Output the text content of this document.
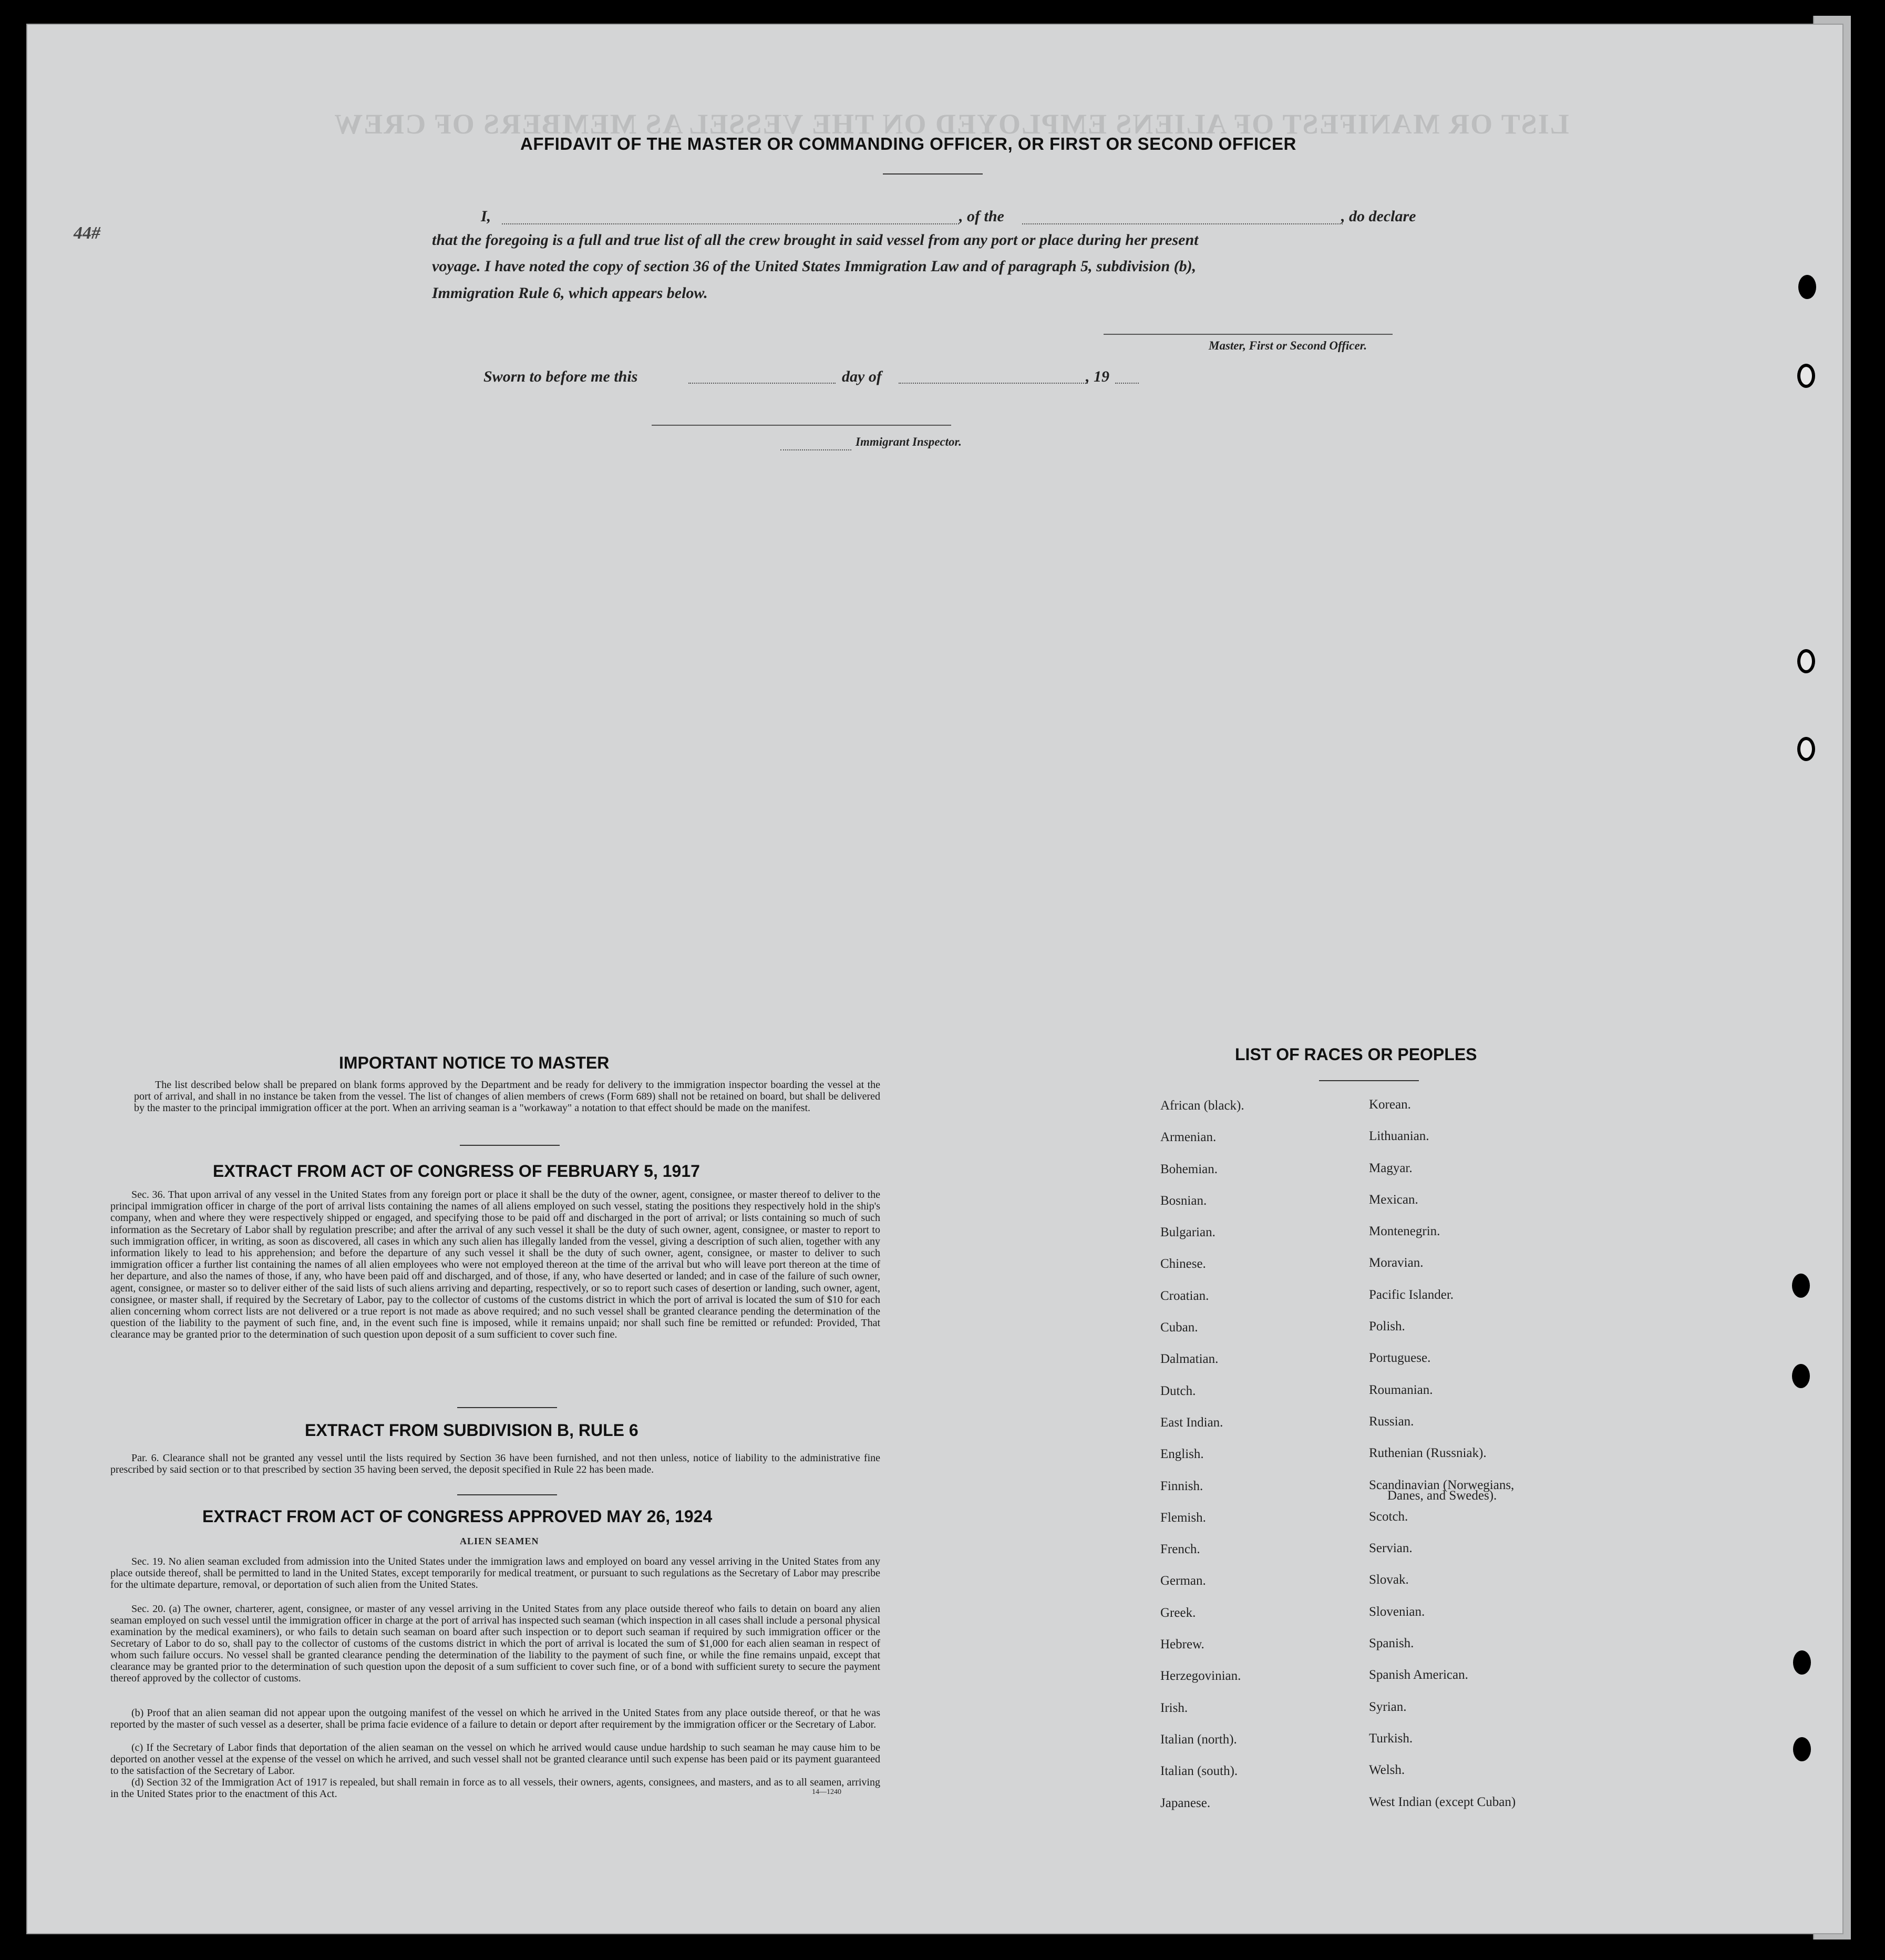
LIST OR MANIFEST OF ALIENS EMPLOYED ON THE VESSEL AS MEMBERS OF CREW
AFFIDAVIT OF THE MASTER OR COMMANDING OFFICER, OR FIRST OR SECOND OFFICER
44#
I,	, of the	, do declare
that the foregoing is a full and true list of all the crew brought in said vessel from any port or place during her present
voyage. I have noted the copy of section 36 of the United States Immigration Law and of paragraph 5, subdivision (b),
Immigration Rule 6, which appears below.
Master, First or Second Officer.
Sworn to before me this	day of	, 19
Immigrant Inspector.
IMPORTANT NOTICE TO MASTER
The list described below shall be prepared on blank forms approved by the Department and be ready for delivery to the immigration inspector boarding the vessel at the port of arrival, and shall in no instance be taken from the vessel. The list of changes of alien members of crews (Form 689) shall not be retained on board, but shall be delivered by the master to the principal immigration officer at the port. When an arriving seaman is a "workaway" a notation to that effect should be made on the manifest.
EXTRACT FROM ACT OF CONGRESS OF FEBRUARY 5, 1917
Sec. 36. That upon arrival of any vessel in the United States from any foreign port or place it shall be the duty of the owner, agent, consignee, or master thereof to deliver to the principal immigration officer in charge of the port of arrival lists containing the names of all aliens employed on such vessel, stating the positions they respectively hold in the ship's company, when and where they were respectively shipped or engaged, and specifying those to be paid off and discharged in the port of arrival; or lists containing so much of such information as the Secretary of Labor shall by regulation prescribe; and after the arrival of any such vessel it shall be the duty of such owner, agent, consignee, or master to report to such immigration officer, in writing, as soon as discovered, all cases in which any such alien has illegally landed from the vessel, giving a description of such alien, together with any information likely to lead to his apprehension; and before the departure of any such vessel it shall be the duty of such owner, agent, consignee, or master to deliver to such immigration officer a further list containing the names of all alien employees who were not employed thereon at the time of the arrival but who will leave port thereon at the time of her departure, and also the names of those, if any, who have been paid off and discharged, and of those, if any, who have deserted or landed; and in case of the failure of such owner, agent, consignee, or master so to deliver either of the said lists of such aliens arriving and departing, respectively, or so to report such cases of desertion or landing, such owner, agent, consignee, or master shall, if required by the Secretary of Labor, pay to the collector of customs of the customs district in which the port of arrival is located the sum of $10 for each alien concerning whom correct lists are not delivered or a true report is not made as above required; and no such vessel shall be granted clearance pending the determination of the question of the liability to the payment of such fine, and, in the event such fine is imposed, while it remains unpaid; nor shall such fine be remitted or refunded: Provided, That clearance may be granted prior to the determination of such question upon deposit of a sum sufficient to cover such fine.
EXTRACT FROM SUBDIVISION B, RULE 6
Par. 6. Clearance shall not be granted any vessel until the lists required by Section 36 have been furnished, and not then unless, notice of liability to the administrative fine prescribed by said section or to that prescribed by section 35 having been served, the deposit specified in Rule 22 has been made.
EXTRACT FROM ACT OF CONGRESS APPROVED MAY 26, 1924
ALIEN SEAMEN
Sec. 19. No alien seaman excluded from admission into the United States under the immigration laws and employed on board any vessel arriving in the United States from any place outside thereof, shall be permitted to land in the United States, except temporarily for medical treatment, or pursuant to such regulations as the Secretary of Labor may prescribe for the ultimate departure, removal, or deportation of such alien from the United States.
Sec. 20. (a) The owner, charterer, agent, consignee, or master of any vessel arriving in the United States from any place outside thereof who fails to detain on board any alien seaman employed on such vessel until the immigration officer in charge at the port of arrival has inspected such seaman (which inspection in all cases shall include a personal physical examination by the medical examiners), or who fails to detain such seaman on board after such inspection or to deport such seaman if required by such immigration officer or the Secretary of Labor to do so, shall pay to the collector of customs of the customs district in which the port of arrival is located the sum of $1,000 for each alien seaman in respect of whom such failure occurs. No vessel shall be granted clearance pending the determination of the liability to the payment of such fine, or while the fine remains unpaid, except that clearance may be granted prior to the determination of such question upon the deposit of a sum sufficient to cover such fine, or of a bond with sufficient surety to secure the payment thereof approved by the collector of customs.
(b) Proof that an alien seaman did not appear upon the outgoing manifest of the vessel on which he arrived in the United States from any place outside thereof, or that he was reported by the master of such vessel as a deserter, shall be prima facie evidence of a failure to detain or deport after requirement by the immigration officer or the Secretary of Labor.
(c) If the Secretary of Labor finds that deportation of the alien seaman on the vessel on which he arrived would cause undue hardship to such seaman he may cause him to be deported on another vessel at the expense of the vessel on which he arrived, and such vessel shall not be granted clearance until such expense has been paid or its payment guaranteed to the satisfaction of the Secretary of Labor.
(d) Section 32 of the Immigration Act of 1917 is repealed, but shall remain in force as to all vessels, their owners, agents, consignees, and masters, and as to all seamen, arriving in the United States prior to the enactment of this Act.	14—1240
LIST OF RACES OR PEOPLES
African (black).
Armenian.
Bohemian.
Bosnian.
Bulgarian.
Chinese.
Croatian.
Cuban.
Dalmatian.
Dutch.
East Indian.
English.
Finnish.
Flemish.
French.
German.
Greek.
Hebrew.
Herzegovinian.
Irish.
Italian (north).
Italian (south).
Japanese.
Korean.
Lithuanian.
Magyar.
Mexican.
Montenegrin.
Moravian.
Pacific Islander.
Polish.
Portuguese.
Roumanian.
Russian.
Ruthenian (Russniak).
Scandinavian (Norwegians,
Scotch.
Servian.
Slovak.
Slovenian.
Spanish.
Spanish American.
Syrian.
Turkish.
Welsh.
West Indian (except Cuban)
Danes, and Swedes).
